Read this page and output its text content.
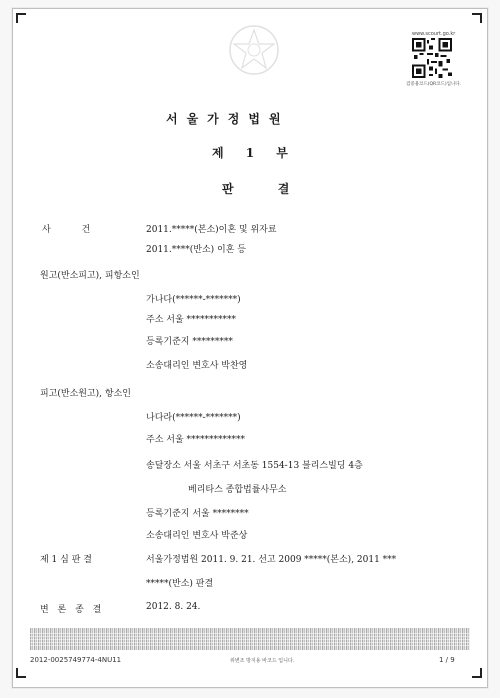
www.scourt.go.kr
검증용코드(QR코드)입니다.
서울가정법원
제 1 부
판 결
사 건	2011.*****(본소)이혼 및 위자료
2011.****(반소) 이혼 등
원고(반소피고), 피항소인
가나다(******-*******)
주소 서울 ***********
등록기준지 *********
소송대리인 변호사 박찬영
피고(반소원고), 항소인
나다라(******-*******)
주소 서울 *************
송달장소 서울 서초구 서초동 1554-13 블리스빌딩 4층
베리타스 종합법률사무소
등록기준지 서울 ********
소송대리인 변호사 박준상
제 1 심 판 결	서울가정법원 2011. 9. 21. 선고 2009 *****(본소), 2011 ***
*****(반소) 판결
변 론 종 결	2012. 8. 24.
2012-0025749774-4NU11	위변조 방지용 바코드 입니다.	1 / 9
